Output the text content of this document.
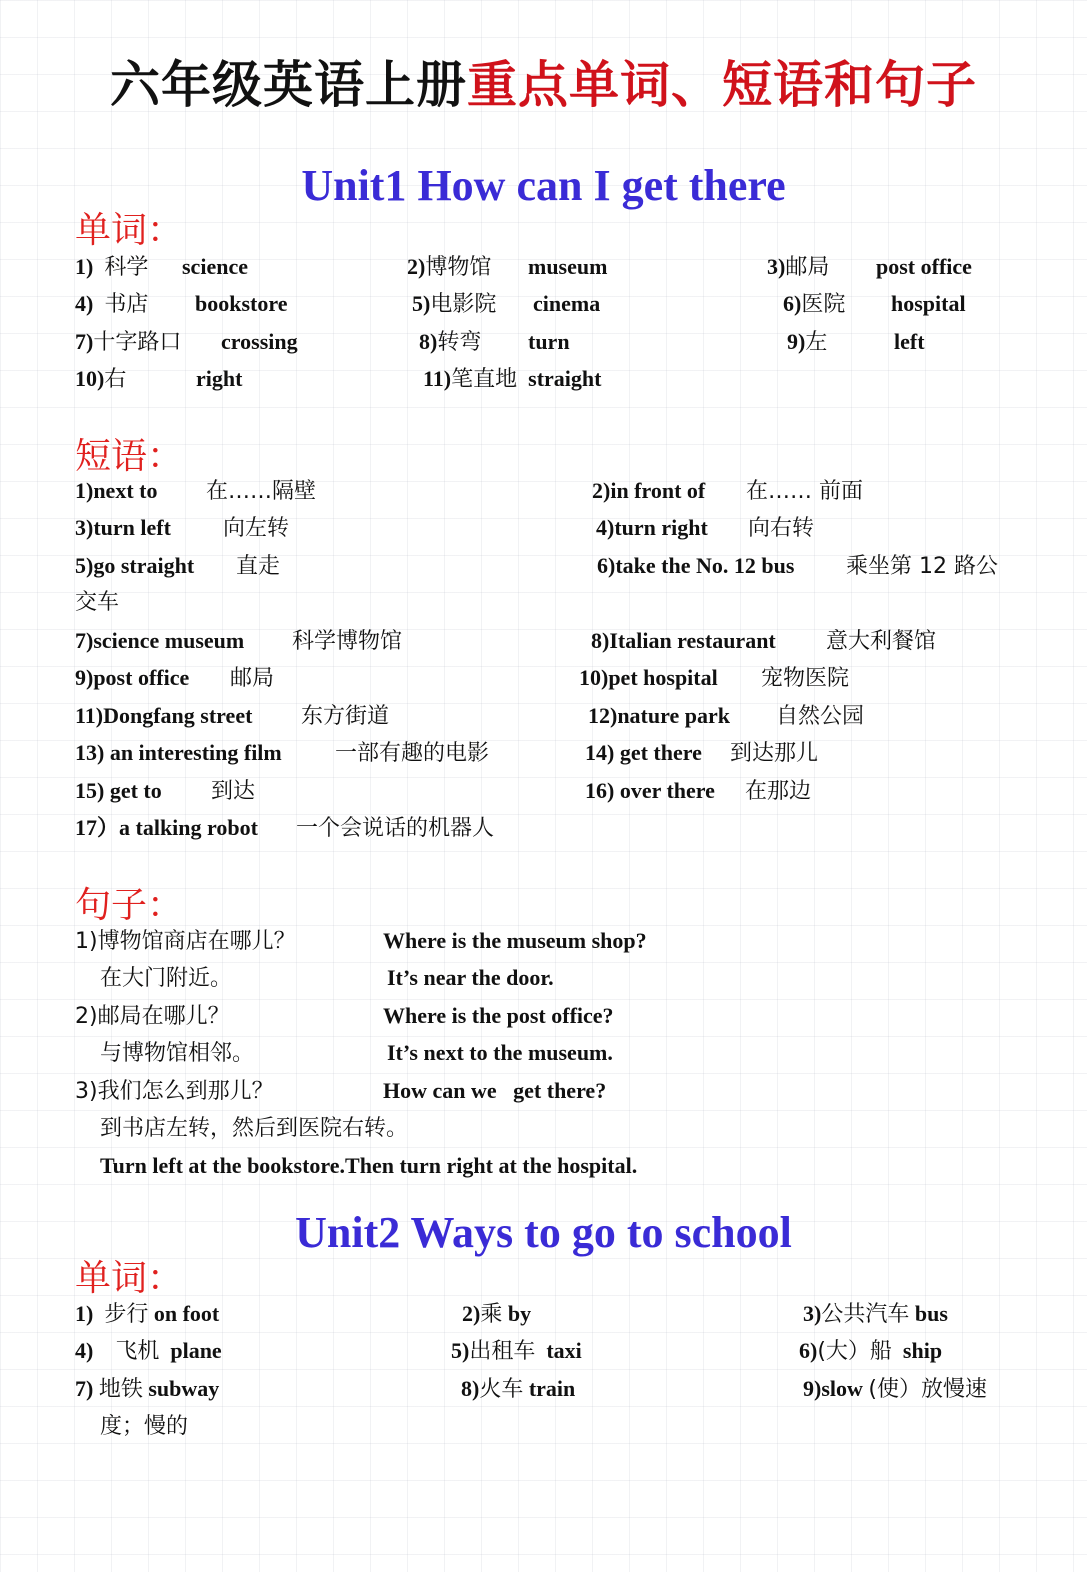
六年级英语上册重点单词、短语和句子
Unit1 How can I get there
单词：
1) 科学 science	2)博物馆 museum	3)邮局 post office
4) 书店 bookstore	5)电影院 cinema	6)医院 hospital
7)十字路口 crossing	8)转弯 turn	9)左	left
10)右	right	11)笔直地 straight
短语：
1)next to 在……隔壁	2)in front of 在…… 前面
3)turn left 向左转	4)turn right 向右转
5)go straight 直走	6)take the No. 12 bus 乘坐第 12 路公
交车
7)science museum 科学博物馆	8)Italian restaurant 意大利餐馆
9)post office 邮局	10)pet hospital 宠物医院
11)Dongfang street 东方街道	12)nature park 自然公园
13) an interesting film 一部有趣的电影	14) get there 到达那儿
15) get to 到达	16) over there 在那边
17）a talking robot 一个会说话的机器人
句子：
1)博物馆商店在哪儿？	Where is the museum shop?
在大门附近。	It’s near the door.
2)邮局在哪儿？	Where is the post office?
与博物馆相邻。	It’s next to the museum.
3)我们怎么到那儿？	How can we   get there?
到书店左转，然后到医院右转。
Turn left at the bookstore.Then turn right at the hospital.
Unit2 Ways to go to school
单词：
1) 步行 on foot	2)乘 by	3)公共汽车 bus
4) 飞机 plane	5)出租车 taxi	6)(大）船 ship
7) 地铁 subway	8)火车 train	9)slow (使）放慢速
度；慢的
